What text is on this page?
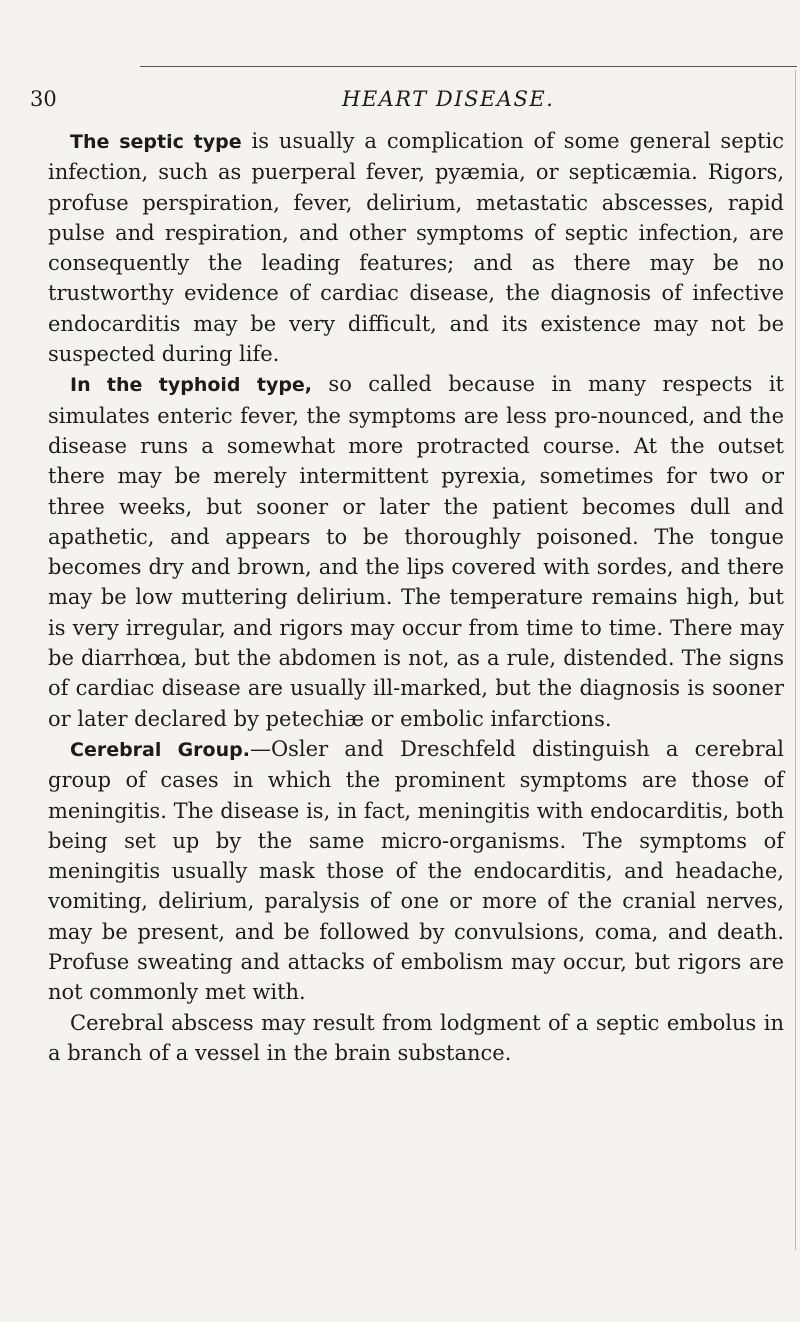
30	HEART DISEASE.

The septic type is usually a complication of some general septic infection, such as puerperal fever, pyæmia, or septicæmia. Rigors, profuse perspiration, fever, delirium, metastatic abscesses, rapid pulse and respiration, and other symptoms of septic infection, are consequently the leading features; and as there may be no trustworthy evidence of cardiac disease, the diagnosis of infective endocarditis may be very difficult, and its existence may not be suspected during life.

In the typhoid type, so called because in many respects it simulates enteric fever, the symptoms are less pro-nounced, and the disease runs a somewhat more protracted course. At the outset there may be merely intermittent pyrexia, sometimes for two or three weeks, but sooner or later the patient becomes dull and apathetic, and appears to be thoroughly poisoned. The tongue becomes dry and brown, and the lips covered with sordes, and there may be low muttering delirium. The temperature remains high, but is very irregular, and rigors may occur from time to time. There may be diarrhœa, but the abdomen is not, as a rule, distended. The signs of cardiac disease are usually ill-marked, but the diagnosis is sooner or later declared by petechiæ or embolic infarctions.

Cerebral Group.—Osler and Dreschfeld distinguish a cerebral group of cases in which the prominent symptoms are those of meningitis. The disease is, in fact, meningitis with endocarditis, both being set up by the same micro-organisms. The symptoms of meningitis usually mask those of the endocarditis, and headache, vomiting, delirium, paralysis of one or more of the cranial nerves, may be present, and be followed by convulsions, coma, and death. Profuse sweating and attacks of embolism may occur, but rigors are not commonly met with.

Cerebral abscess may result from lodgment of a septic embolus in a branch of a vessel in the brain substance.
